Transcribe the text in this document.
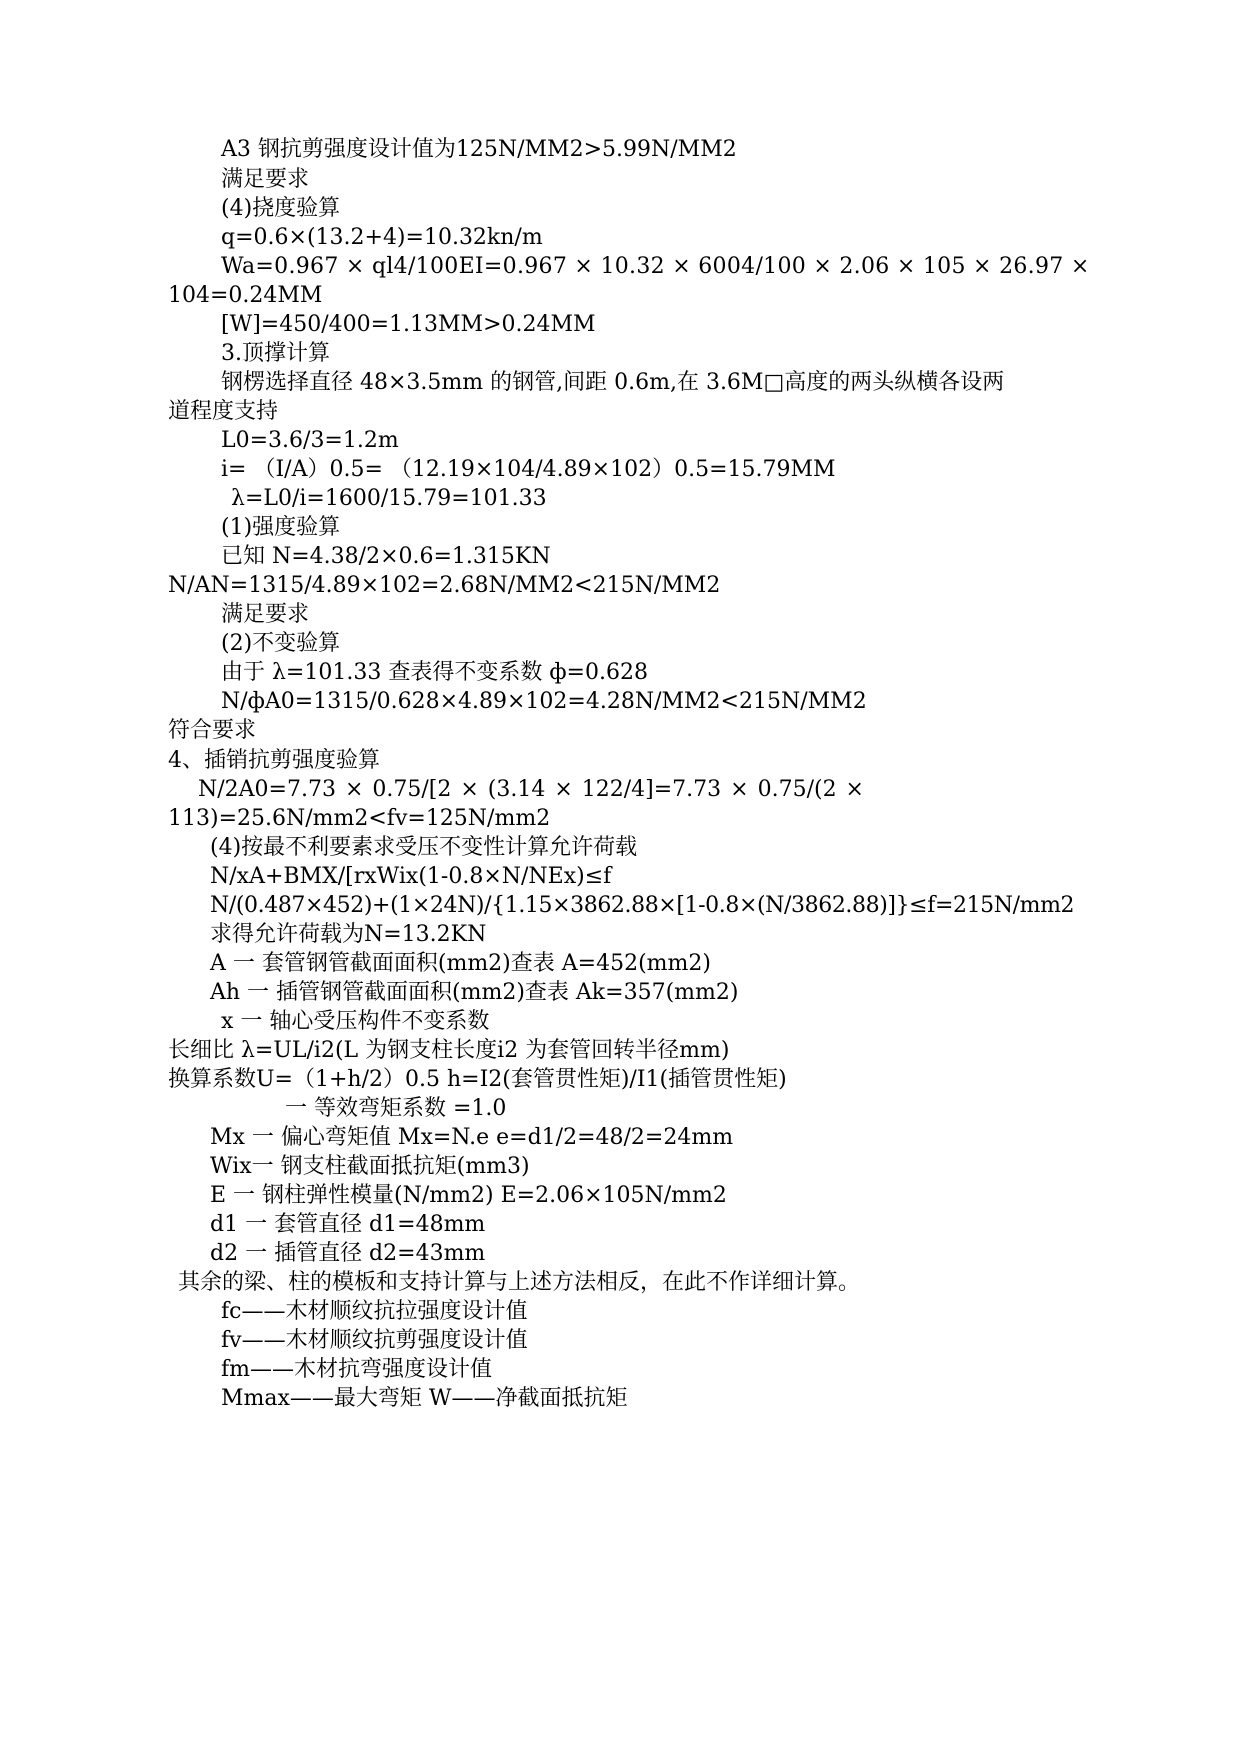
A3 钢抗剪强度设计值为125N/MM2>5.99N/MM2
满足要求
(4)挠度验算
q=0.6×(13.2+4)=10.32kn/m
Wa=0.967 × ql4/100EI=0.967 × 10.32 × 6004/100 × 2.06 × 105 × 26.97 ×
104=0.24MM
[W]=450/400=1.13MM>0.24MM
3.顶撑计算
钢楞选择直径 48×3.5mm 的钢管,间距 0.6m,在 3.6M□高度的两头纵横各设两
道程度支持
L0=3.6/3=1.2m
i= （I/A）0.5= （12.19×104/4.89×102）0.5=15.79MM
λ=L0/i=1600/15.79=101.33
(1)强度验算
已知 N=4.38/2×0.6=1.315KN
N/AN=1315/4.89×102=2.68N/MM2<215N/MM2
满足要求
(2)不变验算
由于 λ=101.33 查表得不变系数 ф=0.628
N/фA0=1315/0.628×4.89×102=4.28N/MM2<215N/MM2
符合要求
4、插销抗剪强度验算
N/2A0=7.73 × 0.75/[2 × (3.14 × 122/4]=7.73 × 0.75/(2 ×
113)=25.6N/mm2<fv=125N/mm2
(4)按最不利要素求受压不变性计算允许荷载
N/xA+BMX/[rxWix(1-0.8×N/NEx)≤f
N/(0.487×452)+(1×24N)/{1.15×3862.88×[1-0.8×(N/3862.88)]}≤f=215N/mm2
求得允许荷载为N=13.2KN
A 一 套管钢管截面面积(mm2)查表 A=452(mm2)
Ah 一 插管钢管截面面积(mm2)查表 Ak=357(mm2)
x 一 轴心受压构件不变系数
长细比 λ=UL/i2(L 为钢支柱长度i2 为套管回转半径mm)
换算系数U=（1+h/2）0.5 h=I2(套管贯性矩)/I1(插管贯性矩)
一 等效弯矩系数 =1.0
Mx 一 偏心弯矩值 Mx=N.e e=d1/2=48/2=24mm
Wix一 钢支柱截面抵抗矩(mm3)
E 一 钢柱弹性模量(N/mm2) E=2.06×105N/mm2
d1 一 套管直径 d1=48mm
d2 一 插管直径 d2=43mm
其余的梁、柱的模板和支持计算与上述方法相反，在此不作详细计算。
fc——木材顺纹抗拉强度设计值
fv——木材顺纹抗剪强度设计值
fm——木材抗弯强度设计值
Mmax——最大弯矩 W——净截面抵抗矩
